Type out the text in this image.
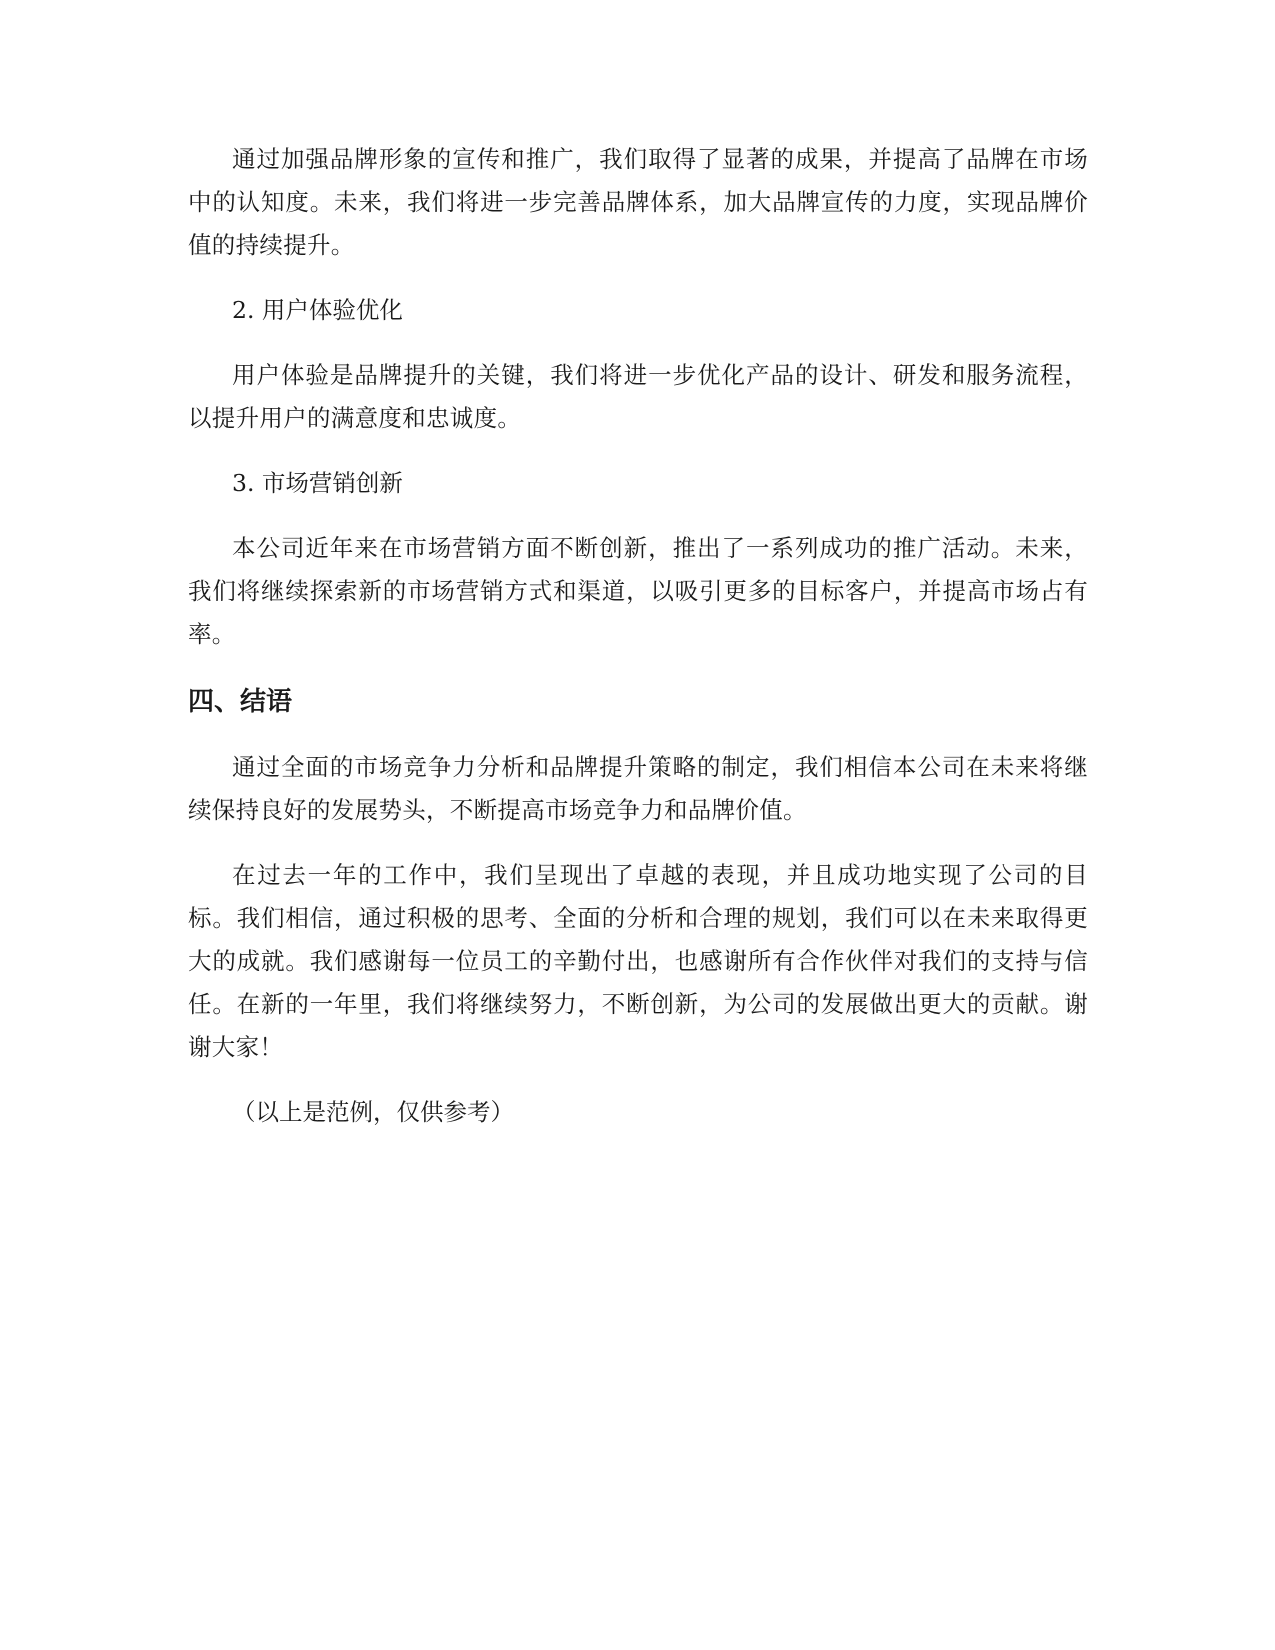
通过加强品牌形象的宣传和推广，我们取得了显著的成果，并提高了品牌在市场中的认知度。未来，我们将进一步完善品牌体系，加大品牌宣传的力度，实现品牌价值的持续提升。

2. 用户体验优化

用户体验是品牌提升的关键，我们将进一步优化产品的设计、研发和服务流程，以提升用户的满意度和忠诚度。

3. 市场营销创新

本公司近年来在市场营销方面不断创新，推出了一系列成功的推广活动。未来，我们将继续探索新的市场营销方式和渠道，以吸引更多的目标客户，并提高市场占有率。

四、结语

通过全面的市场竞争力分析和品牌提升策略的制定，我们相信本公司在未来将继续保持良好的发展势头，不断提高市场竞争力和品牌价值。

在过去一年的工作中，我们呈现出了卓越的表现，并且成功地实现了公司的目标。我们相信，通过积极的思考、全面的分析和合理的规划，我们可以在未来取得更大的成就。我们感谢每一位员工的辛勤付出，也感谢所有合作伙伴对我们的支持与信任。在新的一年里，我们将继续努力，不断创新，为公司的发展做出更大的贡献。谢谢大家！

（以上是范例，仅供参考）
